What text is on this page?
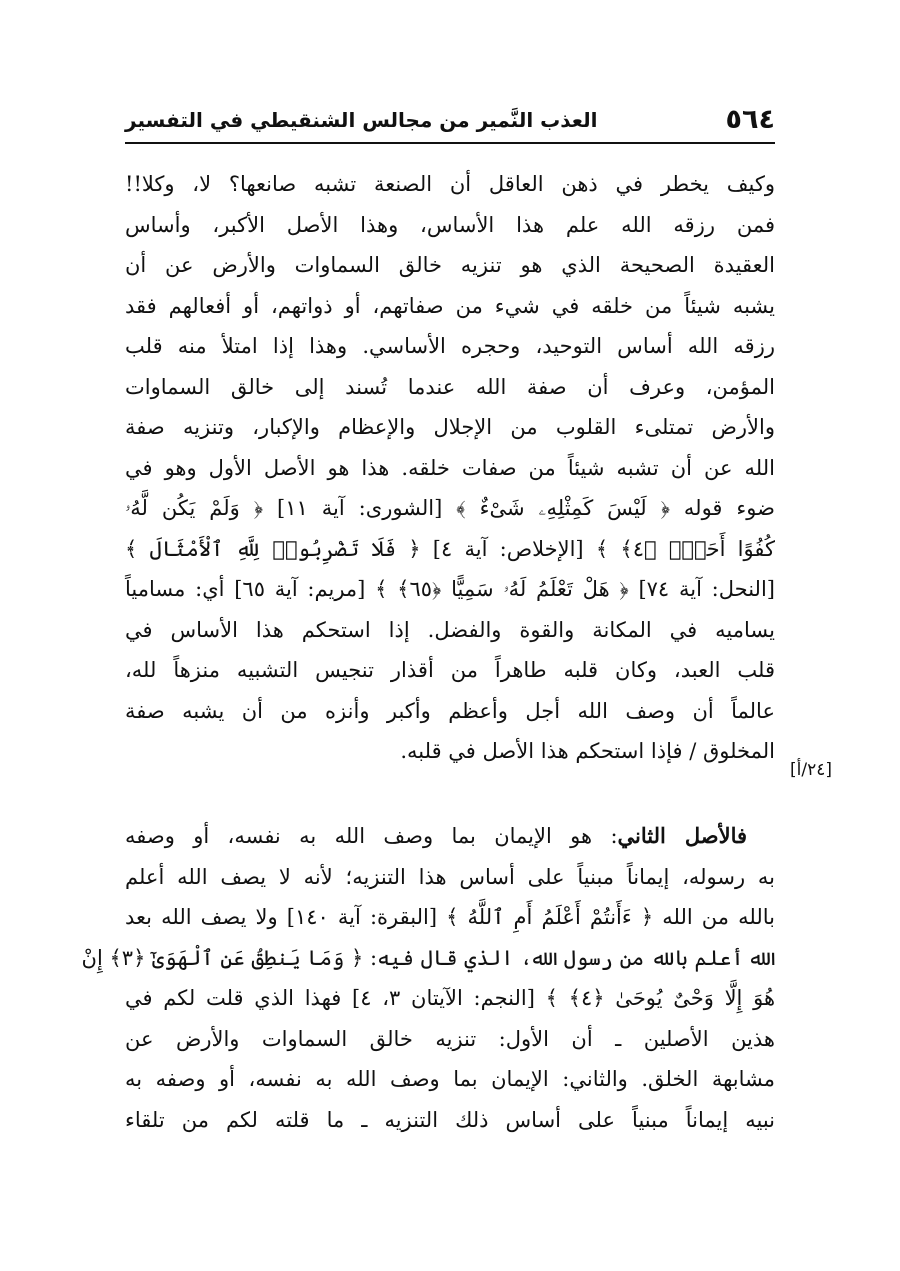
٥٦٤
العذب النَّمير من مجالس الشنقيطي في التفسير
وكيف يخطر في ذهن العاقل أن الصنعة تشبه صانعها؟ لا، وكلا!!
فمن رزقه الله علم هذا الأساس، وهذا الأصل الأكبر، وأساس
العقيدة الصحيحة الذي هو تنزيه خالق السماوات والأرض عن أن
يشبه شيئاً من خلقه في شيء من صفاتهم، أو ذواتهم، أو أفعالهم فقد
رزقه الله أساس التوحيد، وحجره الأساسي. وهذا إذا امتلأ منه قلب
المؤمن، وعرف أن صفة الله عندما تُسند إلى خالق السماوات
والأرض تمتلىء القلوب من الإجلال والإعظام والإكبار، وتنزيه صفة
الله عن أن تشبه شيئاً من صفات خلقه. هذا هو الأصل الأول وهو في
ضوء قوله ﴿ لَيْسَ كَمِثْلِهِۦ شَىْءٌ ﴾ [الشورى: آية ١١] ﴿ وَلَمْ يَكُن لَّهُۥ
كُفُوًا أَحَدٌۢ ﴿٤﴾ ﴾ [الإخلاص: آية ٤] ﴿ فَلَا تَضْرِبُوا۟ لِلَّهِ ٱلْأَمْثَالَ ﴾
[النحل: آية ٧٤] ﴿ هَلْ تَعْلَمُ لَهُۥ سَمِيًّا ﴿٦٥﴾ ﴾ [مريم: آية ٦٥] أي: مسامياً
يساميه في المكانة والقوة والفضل. إذا استحكم هذا الأساس في
قلب العبد، وكان قلبه طاهراً من أقذار تنجيس التشبيه منزهاً لله،
عالماً أن وصف الله أجل وأعظم وأكبر وأنزه من أن يشبه صفة
المخلوق / فإذا استحكم هذا الأصل في قلبه.
[٢٤/أ]
فالأصل الثاني: هو الإيمان بما وصف الله به نفسه، أو وصفه
به رسوله، إيماناً مبنياً على أساس هذا التنزيه؛ لأنه لا يصف الله أعلم
بالله من الله ﴿ ءَأَنتُمْ أَعْلَمُ أَمِ ٱللَّهُ ﴾ [البقرة: آية ١٤٠] ولا يصف الله بعد
الله أعلم بالله من رسول الله، الذي قال فيه: ﴿ وَمَا يَنطِقُ عَنِ ٱلْهَوَىٰٓ ﴿٣﴾ إِنْ
هُوَ إِلَّا وَحْىٌ يُوحَىٰ ﴿٤﴾ ﴾ [النجم: الآيتان ٣، ٤] فهذا الذي قلت لكم في
هذين الأصلين ـ أن الأول: تنزيه خالق السماوات والأرض عن
مشابهة الخلق. والثاني: الإيمان بما وصف الله به نفسه، أو وصفه به
نبيه إيماناً مبنياً على أساس ذلك التنزيه ـ ما قلته لكم من تلقاء
